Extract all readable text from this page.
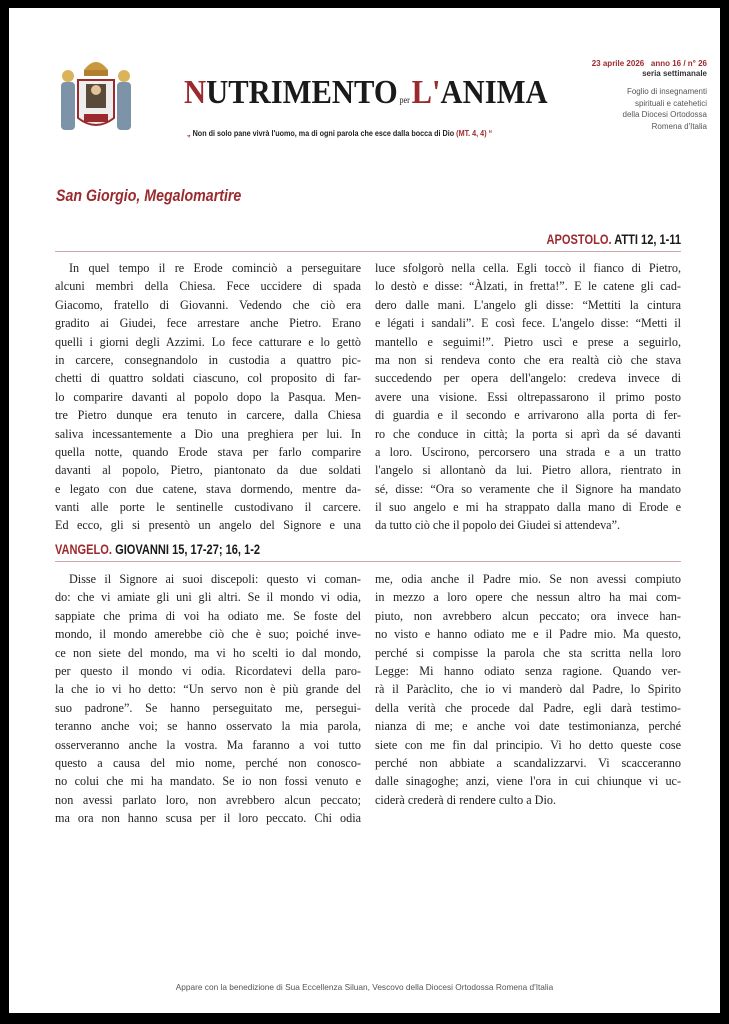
NUTRIMENTO perL'ANIMA
„ Non di solo pane vivrà l'uomo, ma di ogni parola che esce dalla bocca di Dio (MT. 4, 4) “
23 aprile 2026   anno 16 / n° 26
seria settimanale
Foglio di insegnamenti
spirituali e catehetici
della Diocesi Ortodossa
Romena d'Italia
San Giorgio, Megalomartire
APOSTOLO. ATTI 12, 1-11
In quel tempo il re Erode cominciò a perseguitare
alcuni membri della Chiesa. Fece uccidere di spada
Giacomo, fratello di Giovanni. Vedendo che ciò era
gradito ai Giudei, fece arrestare anche Pietro. Erano
quelli i giorni degli Azzimi. Lo fece catturare e lo gettò
in carcere, consegnandolo in custodia a quattro pic-
chetti di quattro soldati ciascuno, col proposito di far-
lo comparire davanti al popolo dopo la Pasqua. Men-
tre Pietro dunque era tenuto in carcere, dalla Chiesa
saliva incessantemente a Dio una preghiera per lui. In
quella notte, quando Erode stava per farlo comparire
davanti al popolo, Pietro, piantonato da due soldati
e legato con due catene, stava dormendo, mentre da-
vanti alle porte le sentinelle custodivano il carcere.
Ed ecco, gli si presentò un angelo del Signore e una
luce sfolgorò nella cella. Egli toccò il fianco di Pietro,
lo destò e disse: “Àlzati, in fretta!”. E le catene gli cad-
dero dalle mani. L'angelo gli disse: “Mettiti la cintura
e légati i sandali”. E così fece. L'angelo disse: “Metti il
mantello e seguimi!”. Pietro uscì e prese a seguirlo,
ma non si rendeva conto che era realtà ciò che stava
succedendo per opera dell'angelo: credeva invece di
avere una visione. Essi oltrepassarono il primo posto
di guardia e il secondo e arrivarono alla porta di fer-
ro che conduce in città; la porta si aprì da sé davanti
a loro. Uscirono, percorsero una strada e a un tratto
l'angelo si allontanò da lui. Pietro allora, rientrato in
sé, disse: “Ora so veramente che il Signore ha mandato
il suo angelo e mi ha strappato dalla mano di Erode e
da tutto ciò che il popolo dei Giudei si attendeva”.
VANGELO. GIOVANNI 15, 17-27; 16, 1-2
Disse il Signore ai suoi discepoli: questo vi coman-
do: che vi amiate gli uni gli altri. Se il mondo vi odia,
sappiate che prima di voi ha odiato me. Se foste del
mondo, il mondo amerebbe ciò che è suo; poiché inve-
ce non siete del mondo, ma vi ho scelti io dal mondo,
per questo il mondo vi odia. Ricordatevi della paro-
la che io vi ho detto: “Un servo non è più grande del
suo padrone”. Se hanno perseguitato me, persegui-
teranno anche voi; se hanno osservato la mia parola,
osserveranno anche la vostra. Ma faranno a voi tutto
questo a causa del mio nome, perché non conosco-
no colui che mi ha mandato. Se io non fossi venuto e
non avessi parlato loro, non avrebbero alcun peccato;
ma ora non hanno scusa per il loro peccato. Chi odia
me, odia anche il Padre mio. Se non avessi compiuto
in mezzo a loro opere che nessun altro ha mai com-
piuto, non avrebbero alcun peccato; ora invece han-
no visto e hanno odiato me e il Padre mio. Ma questo,
perché si compisse la parola che sta scritta nella loro
Legge: Mi hanno odiato senza ragione. Quando ver-
rà il Paràclito, che io vi manderò dal Padre, lo Spirito
della verità che procede dal Padre, egli darà testimo-
nianza di me; e anche voi date testimonianza, perché
siete con me fin dal principio. Vi ho detto queste cose
perché non abbiate a scandalizzarvi. Vi scacceranno
dalle sinagoghe; anzi, viene l'ora in cui chiunque vi uc-
ciderà crederà di rendere culto a Dio.
Appare con la benedizione di Sua Eccellenza Siluan, Vescovo della Diocesi Ortodossa Romena d'Italia
